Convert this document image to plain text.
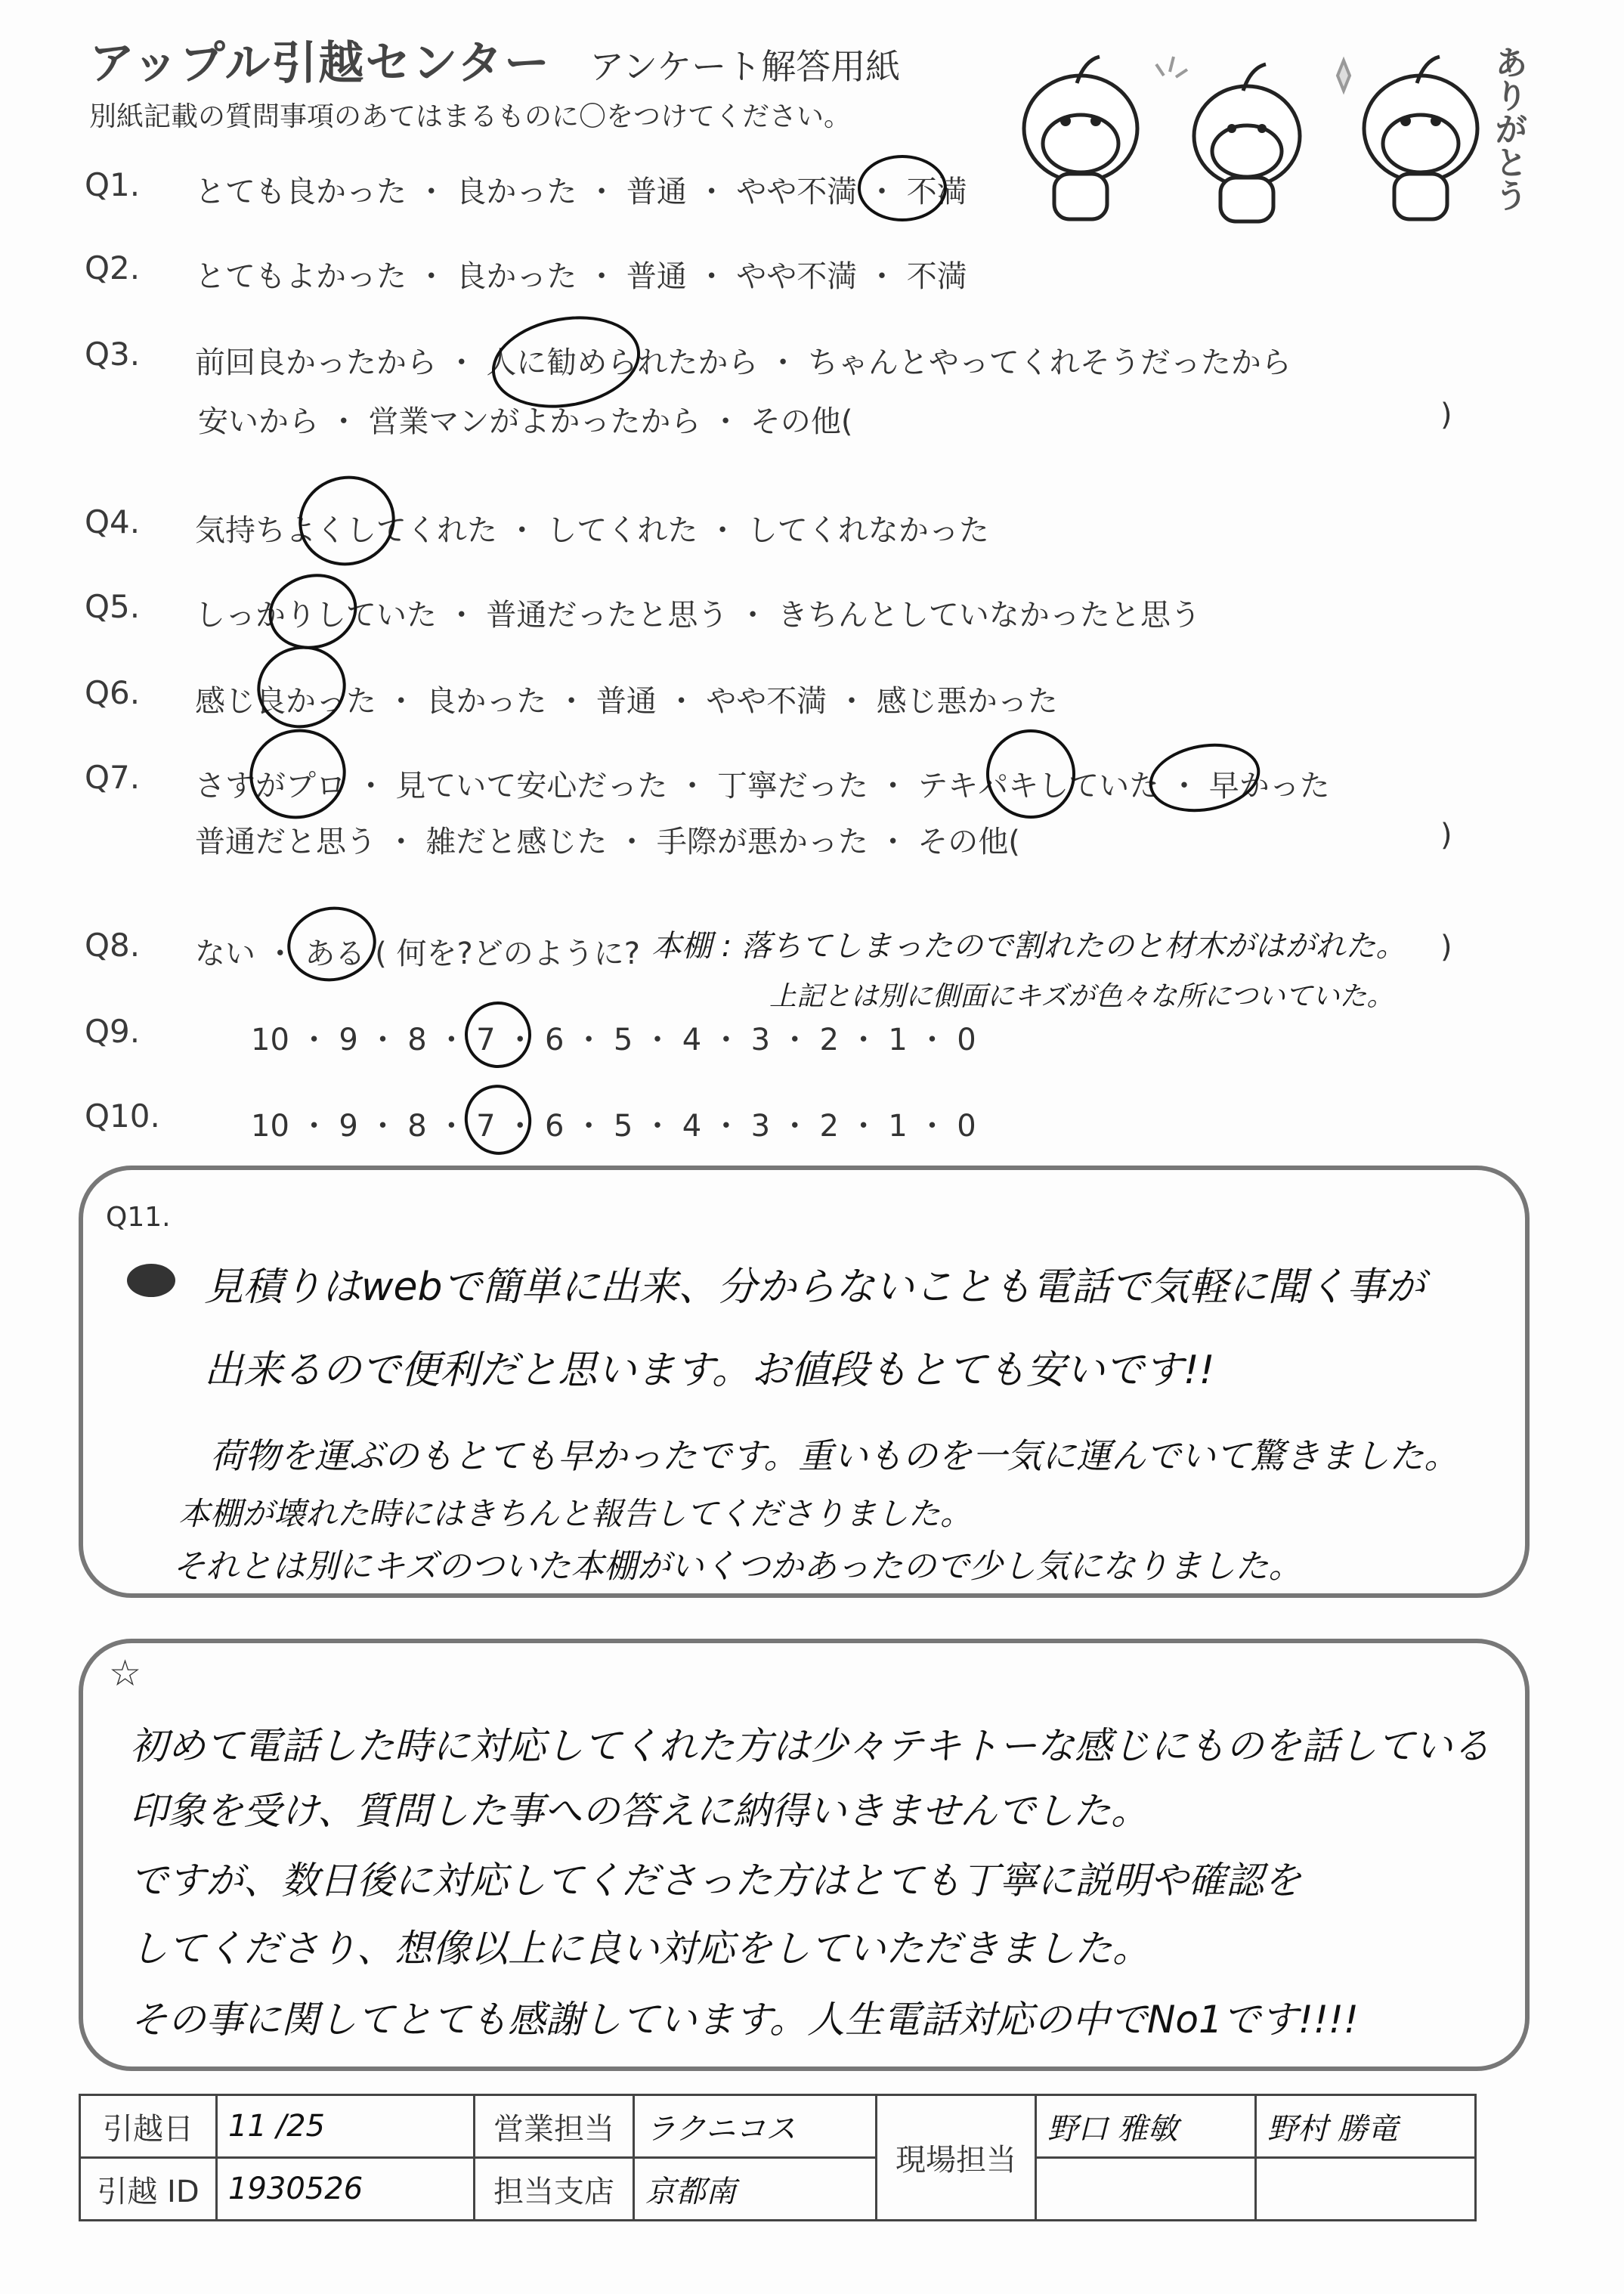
アップル引越センター アンケート解答用紙
別紙記載の質問事項のあてはまるものに〇をつけてください。	ありがとう
Q1. とても良かった ・ 良かった ・ 普通 ・ やや不満 ・ 不満
Q2. とてもよかった ・ 良かった ・ 普通 ・ やや不満 ・ 不満
Q3. 前回良かったから ・ 人に勧められたから ・ ちゃんとやってくれそうだったから
安いから ・ 営業マンがよかったから ・ その他(	)
Q4. 気持ちよくしてくれた ・ してくれた ・ してくれなかった
Q5. しっかりしていた ・ 普通だったと思う ・ きちんとしていなかったと思う
Q6. 感じ良かった ・ 良かった ・ 普通 ・ やや不満 ・ 感じ悪かった
Q7. さすがプロ ・ 見ていて安心だった ・ 丁寧だった ・ テキパキしていた ・ 早かった
普通だと思う ・ 雑だと感じた ・ 手際が悪かった ・ その他(	)
Q8. ない ・ ある ( 何を?どのように? 本棚 : 落ちてしまったので割れたのと材木がはがれた。 )
上記とは別に側面にキズが色々な所についていた。
Q9.	10 ・ 9 ・ 8 ・ 7 ・ 6 ・ 5 ・ 4 ・ 3 ・ 2 ・ 1 ・ 0
Q10.	10 ・ 9 ・ 8 ・ 7 ・ 6 ・ 5 ・ 4 ・ 3 ・ 2 ・ 1 ・ 0
Q11.
見積りはwebで簡単に出来、分からないことも電話で気軽に聞く事が
出来るので便利だと思います。お値段もとても安いです!!
荷物を運ぶのもとても早かったです。重いものを一気に運んでいて驚きました。
本棚が壊れた時にはきちんと報告してくださりました。
それとは別にキズのついた本棚がいくつかあったので少し気になりました。
☆
初めて電話した時に対応してくれた方は少々テキトーな感じにものを話している
印象を受け、質問した事への答えに納得いきませんでした。
ですが、数日後に対応してくださった方はとても丁寧に説明や確認を
してくださり、想像以上に良い対応をしていただきました。
その事に関してとても感謝しています。人生電話対応の中でNo1です!!!!
引越日	11 /25	営業担当	ラクニコス	現場担当	野口 雅敏	野村 勝竜
引越 ID	1930526	担当支店	京都南			
